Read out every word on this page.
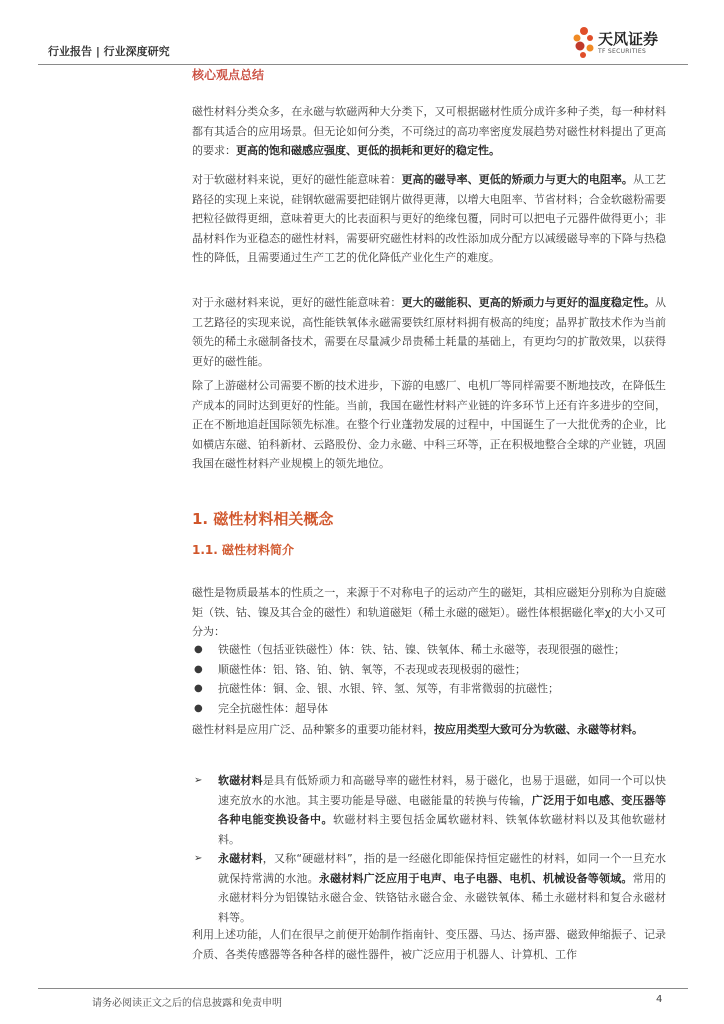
行业报告 | 行业深度研究
天风证券
TF SECURITIES
核心观点总结
磁性材料分类众多，在永磁与软磁两种大分类下，又可根据磁材性质分成许多种子类，每一种材料都有其适合的应用场景。但无论如何分类，不可绕过的高功率密度发展趋势对磁性材料提出了更高的要求：更高的饱和磁感应强度、更低的损耗和更好的稳定性。
对于软磁材料来说，更好的磁性能意味着：更高的磁导率、更低的矫顽力与更大的电阻率。从工艺路径的实现上来说，硅钢软磁需要把硅钢片做得更薄，以增大电阻率、节省材料；合金软磁粉需要把粒径做得更细，意味着更大的比表面积与更好的绝缘包覆，同时可以把电子元器件做得更小；非晶材料作为亚稳态的磁性材料，需要研究磁性材料的改性添加成分配方以减缓磁导率的下降与热稳性的降低，且需要通过生产工艺的优化降低产业化生产的难度。
对于永磁材料来说，更好的磁性能意味着：更大的磁能积、更高的矫顽力与更好的温度稳定性。从工艺路径的实现来说，高性能铁氧体永磁需要铁红原材料拥有极高的纯度；晶界扩散技术作为当前领先的稀土永磁制备技术，需要在尽量减少昂贵稀土耗量的基础上，有更均匀的扩散效果，以获得更好的磁性能。
除了上游磁材公司需要不断的技术进步，下游的电感厂、电机厂等同样需要不断地技改，在降低生产成本的同时达到更好的性能。当前，我国在磁性材料产业链的许多环节上还有许多进步的空间，正在不断地追赶国际领先标准。在整个行业蓬勃发展的过程中，中国诞生了一大批优秀的企业，比如横店东磁、铂科新材、云路股份、金力永磁、中科三环等，正在积极地整合全球的产业链，巩固我国在磁性材料产业规模上的领先地位。
1. 磁性材料相关概念
1.1. 磁性材料简介
磁性是物质最基本的性质之一，来源于不对称电子的运动产生的磁矩，其相应磁矩分别称为自旋磁矩（铁、钴、镍及其合金的磁性）和轨道磁矩（稀土永磁的磁矩）。磁性体根据磁化率χ的大小又可分为：
● 铁磁性（包括亚铁磁性）体：铁、钴、镍、铁氧体、稀土永磁等，表现很强的磁性；
● 顺磁性体：铝、铬、铂、钠、氧等，不表现或表现极弱的磁性；
● 抗磁性体：铜、金、银、水银、锌、氢、氖等，有非常微弱的抗磁性；
● 完全抗磁性体：超导体
磁性材料是应用广泛、品种繁多的重要功能材料，按应用类型大致可分为软磁、永磁等材料。
➢ 软磁材料是具有低矫顽力和高磁导率的磁性材料，易于磁化，也易于退磁，如同一个可以快速充放水的水池。其主要功能是导磁、电磁能量的转换与传输，广泛用于如电感、变压器等各种电能变换设备中。软磁材料主要包括金属软磁材料、铁氧体软磁材料以及其他软磁材料。
➢ 永磁材料，又称“硬磁材料”，指的是一经磁化即能保持恒定磁性的材料，如同一个一旦充水就保持常满的水池。永磁材料广泛应用于电声、电子电器、电机、机械设备等领域。常用的永磁材料分为铝镍钴永磁合金、铁铬钴永磁合金、永磁铁氧体、稀土永磁材料和复合永磁材料等。
利用上述功能，人们在很早之前便开始制作指南针、变压器、马达、扬声器、磁致伸缩振子、记录介质、各类传感器等各种各样的磁性器件，被广泛应用于机器人、计算机、工作
请务必阅读正文之后的信息披露和免责申明	4
